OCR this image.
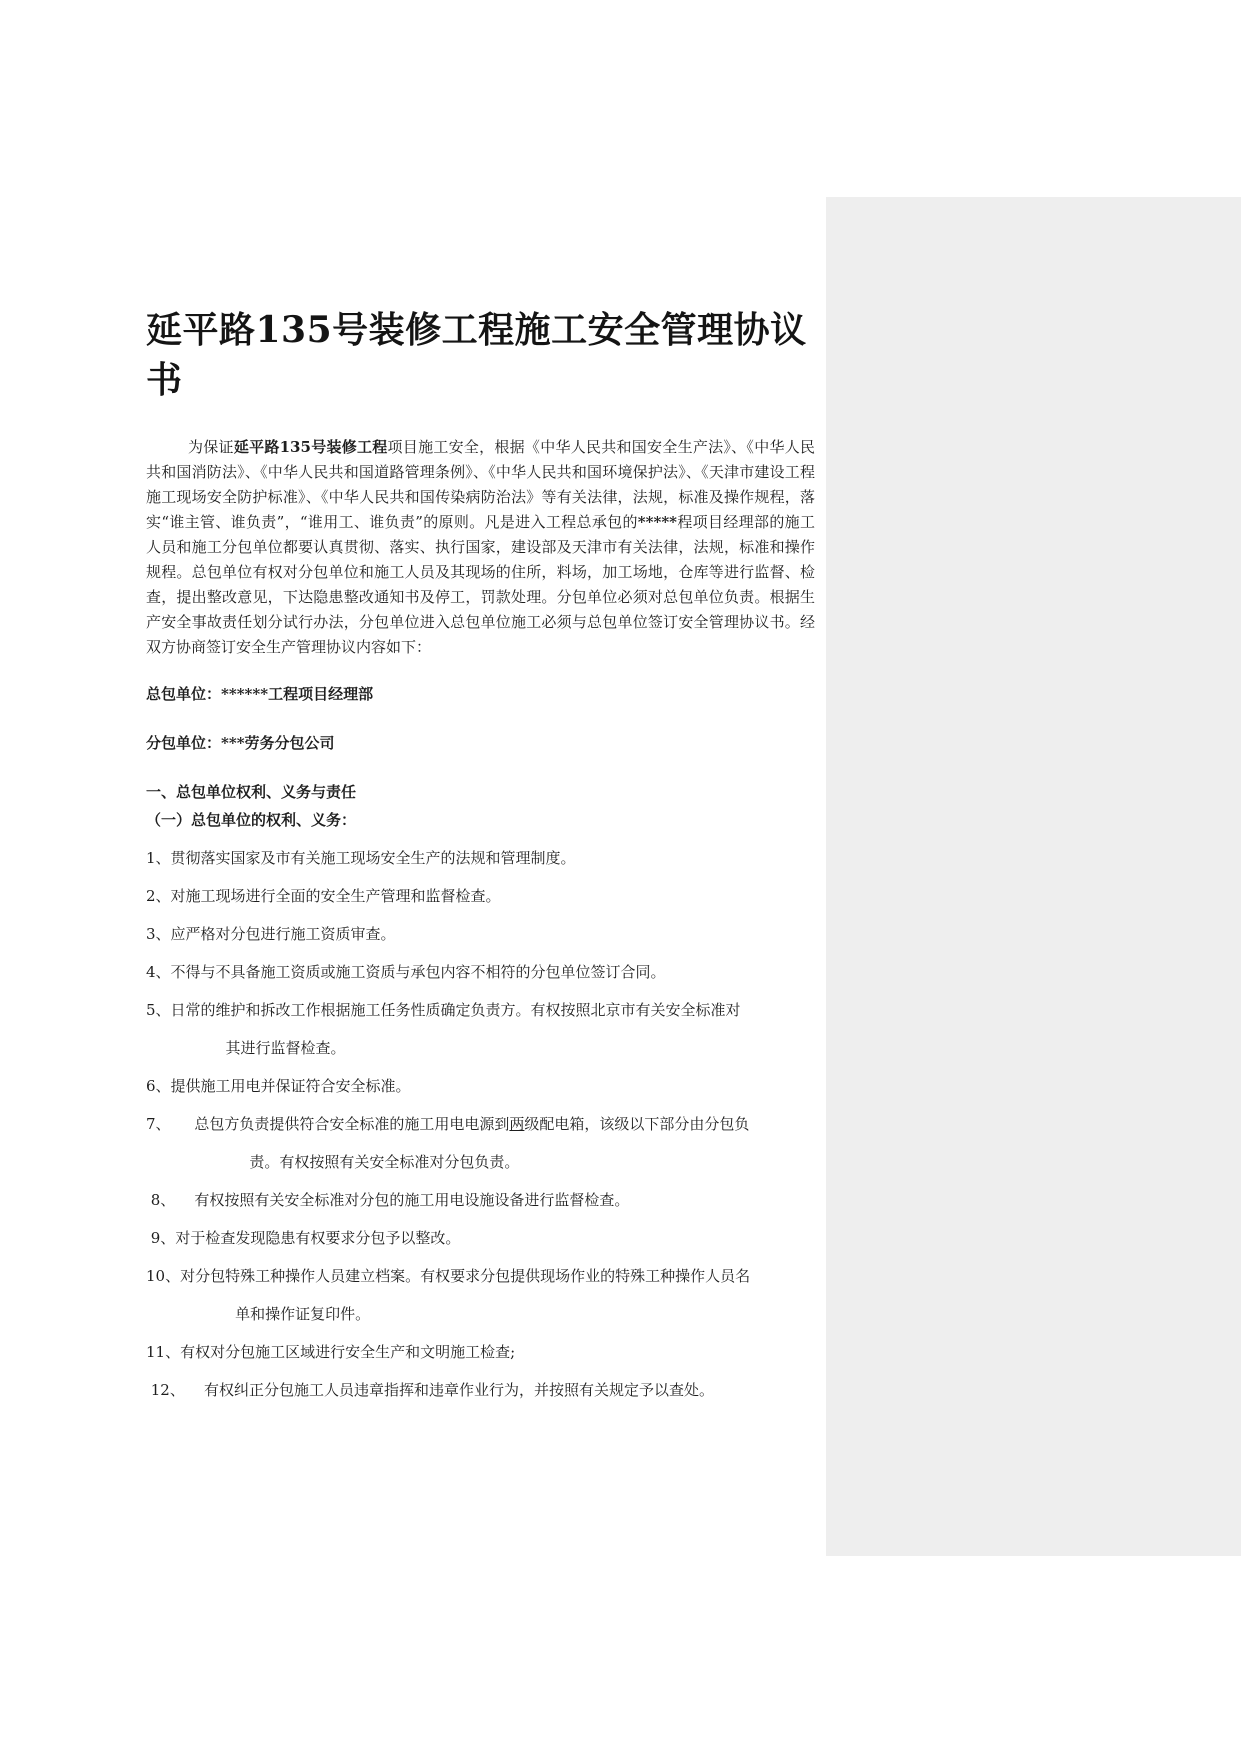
延平路135号装修工程施工安全管理协议书

为保证延平路135号装修工程项目施工安全，根据《中华人民共和国安全生产法》、《中华人民共和国消防法》、《中华人民共和国道路管理条例》、《中华人民共和国环境保护法》、《天津市建设工程施工现场安全防护标准》、《中华人民共和国传染病防治法》等有关法律，法规，标准及操作规程，落实“谁主管、谁负责”，“谁用工、谁负责”的原则。凡是进入工程总承包的*****程项目经理部的施工人员和施工分包单位都要认真贯彻、落实、执行国家，建设部及天津市有关法律，法规，标准和操作规程。总包单位有权对分包单位和施工人员及其现场的住所，料场，加工场地，仓库等进行监督、检查，提出整改意见，下达隐患整改通知书及停工，罚款处理。分包单位必须对总包单位负责。根据生产安全事故责任划分试行办法，分包单位进入总包单位施工必须与总包单位签订安全管理协议书。经双方协商签订安全生产管理协议内容如下：

总包单位：******工程项目经理部

分包单位：***劳务分包公司

一、总包单位权利、义务与责任

（一）总包单位的权利、义务：

1、 贯彻落实国家及市有关施工现场安全生产的法规和管理制度。
2、 对施工现场进行全面的安全生产管理和监督检查。
3、 应严格对分包进行施工资质审查。
4、 不得与不具备施工资质或施工资质与承包内容不相符的分包单位签订合同。
5、 日常的维护和拆改工作根据施工任务性质确定负责方。有权按照北京市有关安全标准对
其进行监督检查。
6、 提供施工用电并保证符合安全标准。
7、 总包方负责提供符合安全标准的施工用电电源到两级配电箱，该级以下部分由分包负
责。有权按照有关安全标准对分包负责。
8、 有权按照有关安全标准对分包的施工用电设施设备进行监督检查。
9、 对于检查发现隐患有权要求分包予以整改。
10、 对分包特殊工种操作人员建立档案。有权要求分包提供现场作业的特殊工种操作人员名
单和操作证复印件。
11、 有权对分包施工区域进行安全生产和文明施工检查;
12、 有权纠正分包施工人员违章指挥和违章作业行为，并按照有关规定予以查处。
